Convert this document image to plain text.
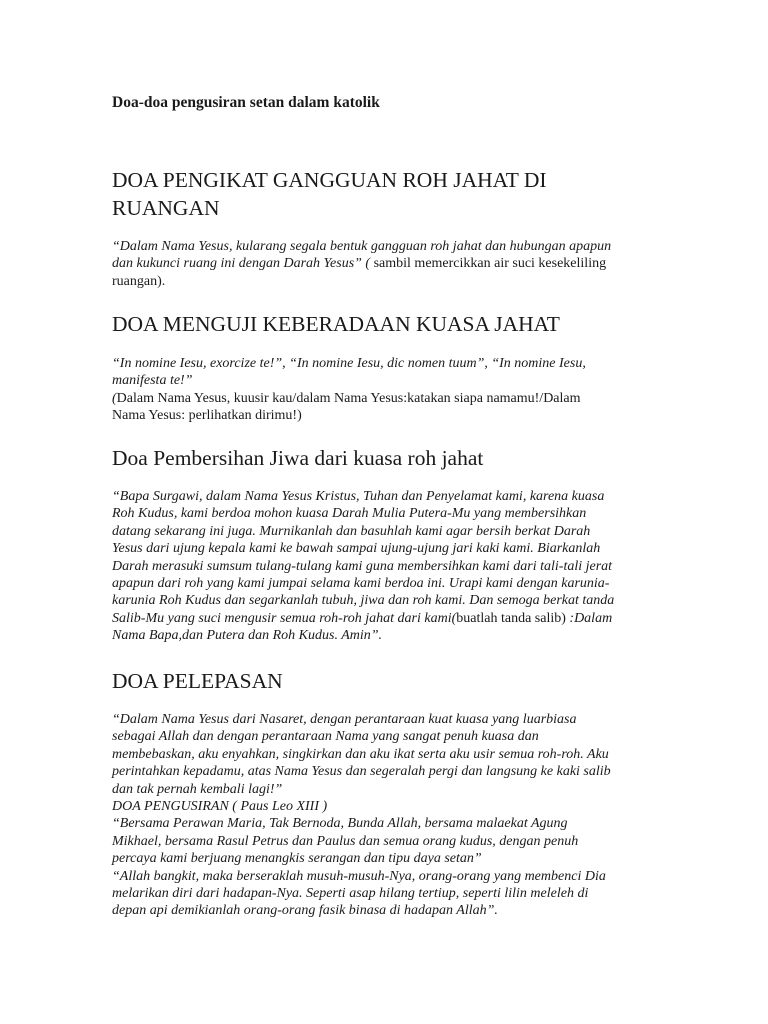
Doa-doa pengusiran setan dalam katolik
DOA PENGIKAT GANGGUAN ROH JAHAT DI
RUANGAN

“Dalam Nama Yesus, kularang segala bentuk gangguan roh jahat dan hubungan apapun
dan kukunci ruang ini dengan Darah Yesus” ( sambil memercikkan air suci kesekeliling
ruangan).

DOA MENGUJI KEBERADAAN KUASA JAHAT

“In nomine Iesu, exorcize te!”, “In nomine Iesu, dic nomen tuum”, “In nomine Iesu,
manifesta te!”
(Dalam Nama Yesus, kuusir kau/dalam Nama Yesus:katakan siapa namamu!/Dalam
Nama Yesus: perlihatkan dirimu!)

Doa Pembersihan Jiwa dari kuasa roh jahat

“Bapa Surgawi, dalam Nama Yesus Kristus, Tuhan dan Penyelamat kami, karena kuasa
Roh Kudus, kami berdoa mohon kuasa Darah Mulia Putera-Mu yang membersihkan
datang sekarang ini juga. Murnikanlah dan basuhlah kami agar bersih berkat Darah
Yesus dari ujung kepala kami ke bawah sampai ujung-ujung jari kaki kami. Biarkanlah
Darah merasuki sumsum tulang-tulang kami guna membersihkan kami dari tali-tali jerat
apapun dari roh yang kami jumpai selama kami berdoa ini. Urapi kami dengan karunia-
karunia Roh Kudus dan segarkanlah tubuh, jiwa dan roh kami. Dan semoga berkat tanda
Salib-Mu yang suci mengusir semua roh-roh jahat dari kami(buatlah tanda salib) :Dalam
Nama Bapa,dan Putera dan Roh Kudus. Amin”.

DOA PELEPASAN

“Dalam Nama Yesus dari Nasaret, dengan perantaraan kuat kuasa yang luarbiasa
sebagai Allah dan dengan perantaraan Nama yang sangat penuh kuasa dan
membebaskan, aku enyahkan, singkirkan dan aku ikat serta aku usir semua roh-roh. Aku
perintahkan kepadamu, atas Nama Yesus dan segeralah pergi dan langsung ke kaki salib
dan tak pernah kembali lagi!”
DOA PENGUSIRAN ( Paus Leo XIII )
“Bersama Perawan Maria, Tak Bernoda, Bunda Allah, bersama malaekat Agung
Mikhael, bersama Rasul Petrus dan Paulus dan semua orang kudus, dengan penuh
percaya kami berjuang menangkis serangan dan tipu daya setan”
“Allah bangkit, maka berseraklah musuh-musuh-Nya, orang-orang yang membenci Dia
melarikan diri dari hadapan-Nya. Seperti asap hilang tertiup, seperti lilin meleleh di
depan api demikianlah orang-orang fasik binasa di hadapan Allah”.
